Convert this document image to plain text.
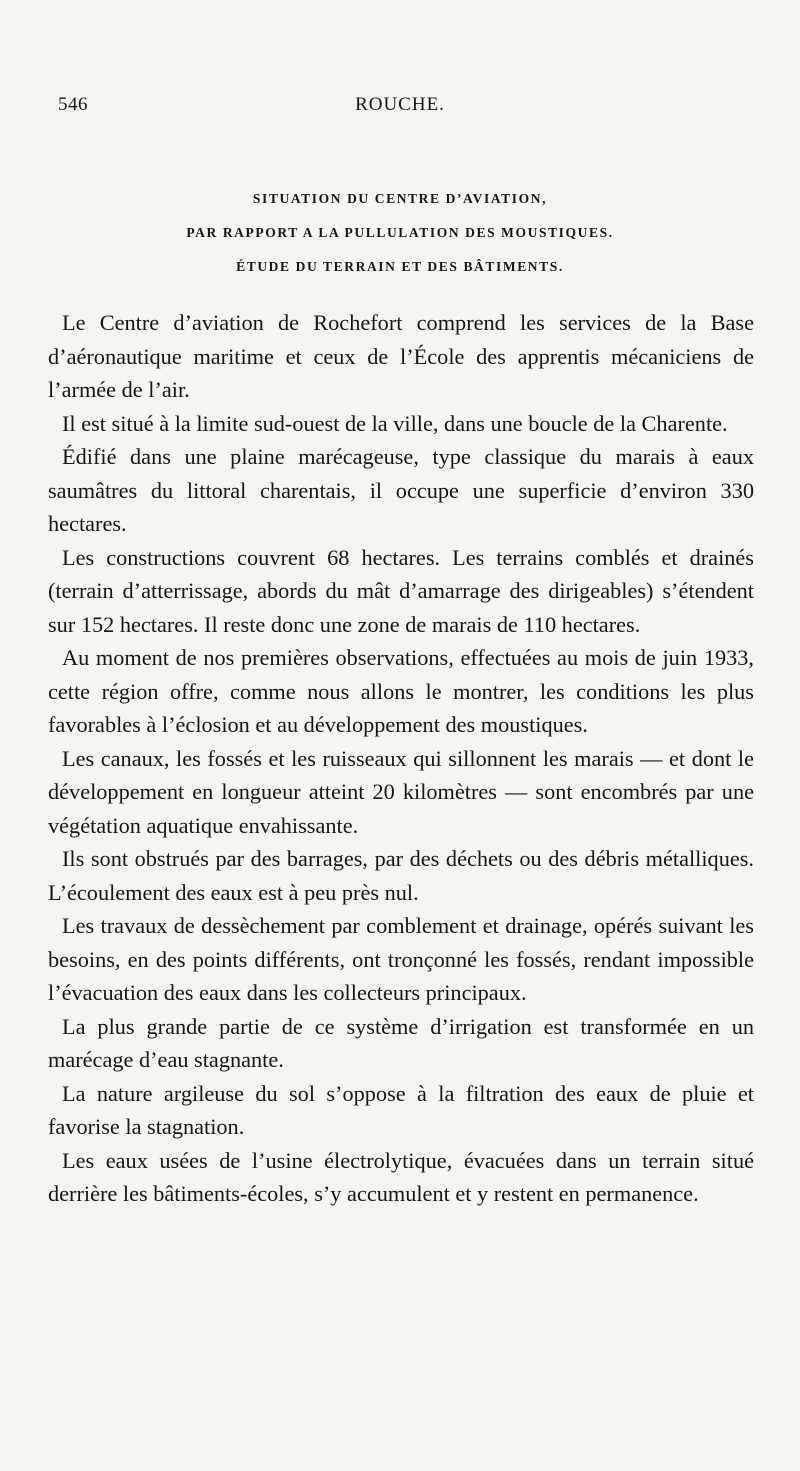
546	ROUCHE.
SITUATION DU CENTRE D’AVIATION,
PAR RAPPORT A LA PULLULATION DES MOUSTIQUES.
ÉTUDE DU TERRAIN ET DES BÂTIMENTS.

Le Centre d’aviation de Rochefort comprend les services de la Base d’aéronautique maritime et ceux de l’École des apprentis mécaniciens de l’armée de l’air.

Il est situé à la limite sud-ouest de la ville, dans une boucle de la Charente.

Édifié dans une plaine marécageuse, type classique du marais à eaux saumâtres du littoral charentais, il occupe une superficie d’environ 330 hectares.

Les constructions couvrent 68 hectares. Les terrains comblés et drainés (terrain d’atterrissage, abords du mât d’amarrage des dirigeables) s’étendent sur 152 hectares. Il reste donc une zone de marais de 110 hectares.

Au moment de nos premières observations, effectuées au mois de juin 1933, cette région offre, comme nous allons le montrer, les conditions les plus favorables à l’éclosion et au développement des moustiques.

Les canaux, les fossés et les ruisseaux qui sillonnent les marais — et dont le développement en longueur atteint 20 kilomètres — sont encombrés par une végétation aquatique envahissante.

Ils sont obstrués par des barrages, par des déchets ou des débris métalliques. L’écoulement des eaux est à peu près nul.

Les travaux de dessèchement par comblement et drainage, opérés suivant les besoins, en des points différents, ont tronçonné les fossés, rendant impossible l’évacuation des eaux dans les collecteurs principaux.

La plus grande partie de ce système d’irrigation est transformée en un marécage d’eau stagnante.

La nature argileuse du sol s’oppose à la filtration des eaux de pluie et favorise la stagnation.

Les eaux usées de l’usine électrolytique, évacuées dans un terrain situé derrière les bâtiments-écoles, s’y accumulent et y restent en permanence.
